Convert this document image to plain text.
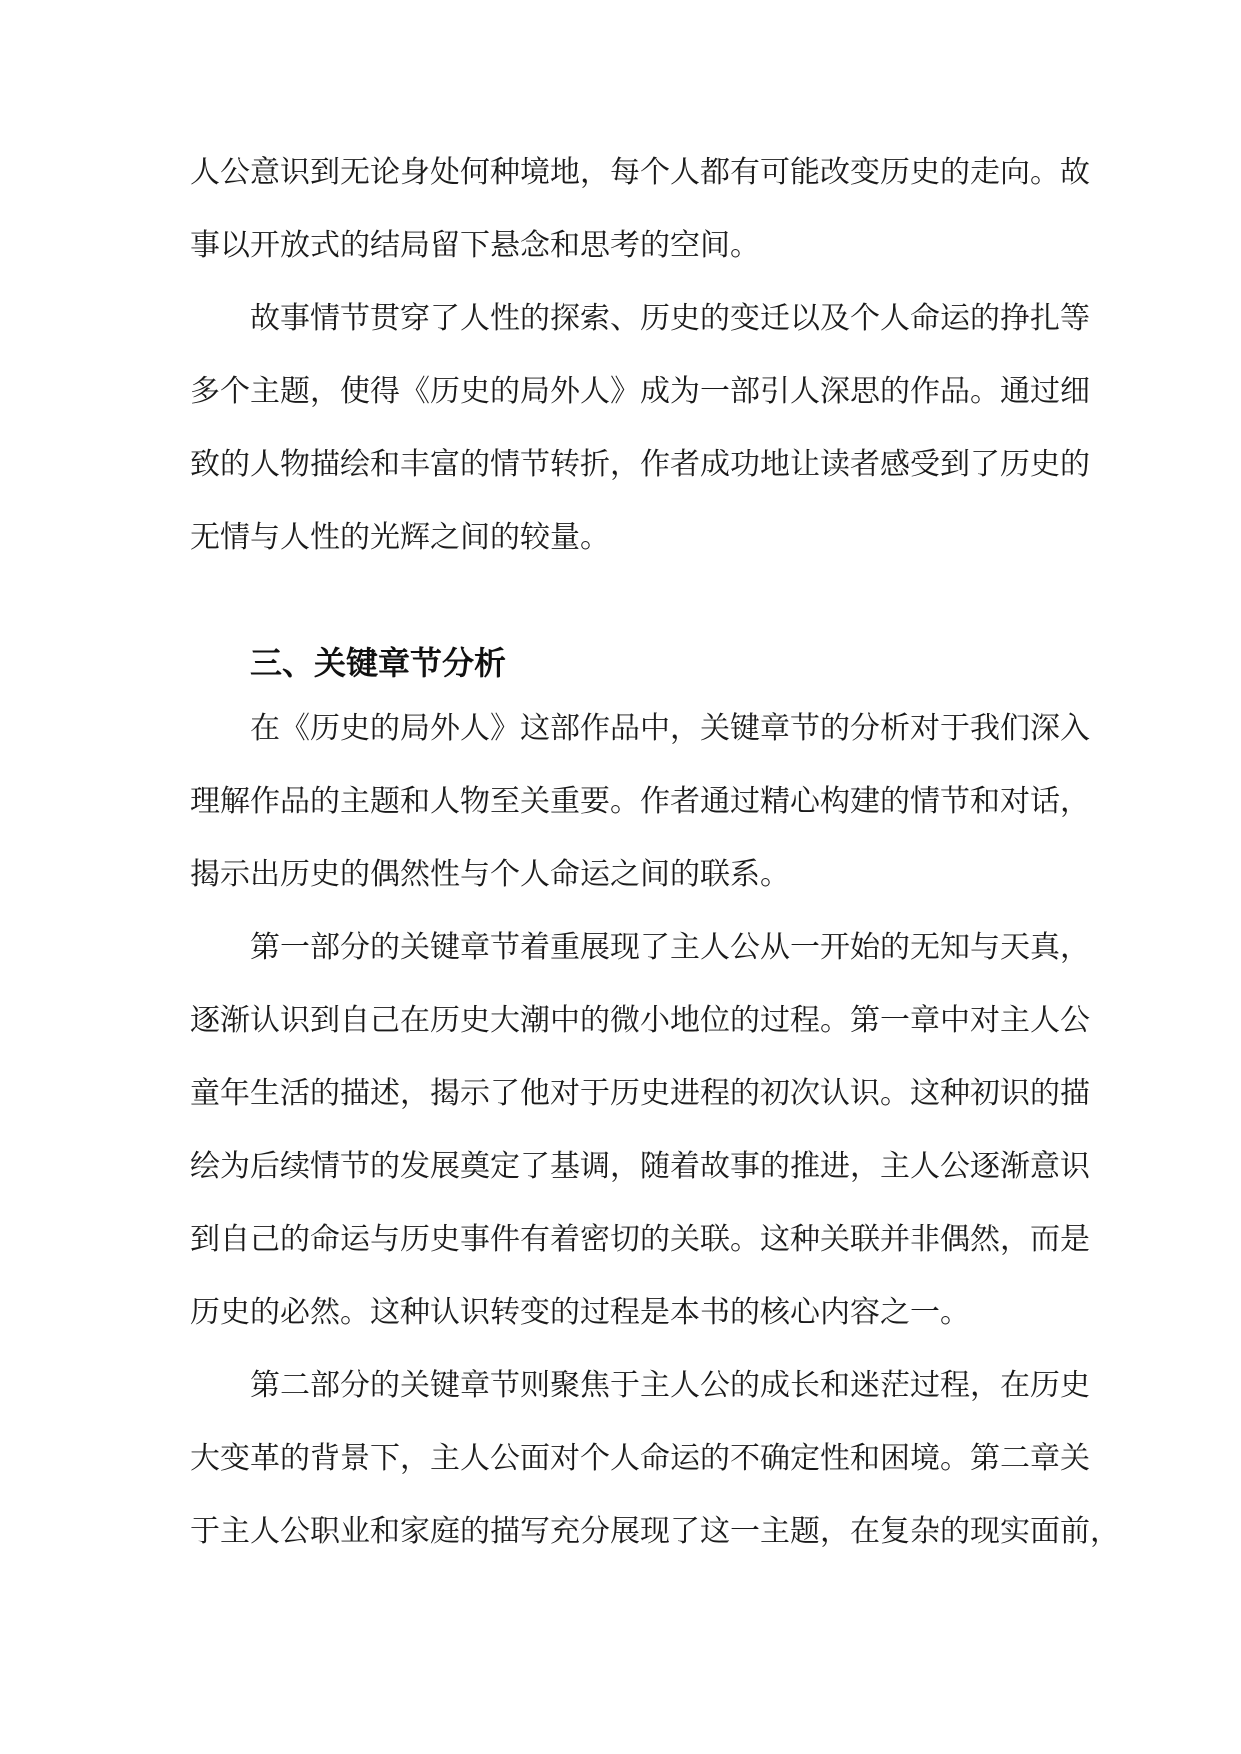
人公意识到无论身处何种境地，每个人都有可能改变历史的走向。故
事以开放式的结局留下悬念和思考的空间。
故事情节贯穿了人性的探索、历史的变迁以及个人命运的挣扎等
多个主题，使得《历史的局外人》成为一部引人深思的作品。通过细
致的人物描绘和丰富的情节转折，作者成功地让读者感受到了历史的
无情与人性的光辉之间的较量。
三、关键章节分析
在《历史的局外人》这部作品中，关键章节的分析对于我们深入
理解作品的主题和人物至关重要。作者通过精心构建的情节和对话，
揭示出历史的偶然性与个人命运之间的联系。
第一部分的关键章节着重展现了主人公从一开始的无知与天真，
逐渐认识到自己在历史大潮中的微小地位的过程。第一章中对主人公
童年生活的描述，揭示了他对于历史进程的初次认识。这种初识的描
绘为后续情节的发展奠定了基调，随着故事的推进，主人公逐渐意识
到自己的命运与历史事件有着密切的关联。这种关联并非偶然，而是
历史的必然。这种认识转变的过程是本书的核心内容之一。
第二部分的关键章节则聚焦于主人公的成长和迷茫过程，在历史
大变革的背景下，主人公面对个人命运的不确定性和困境。第二章关
于主人公职业和家庭的描写充分展现了这一主题，在复杂的现实面前，
